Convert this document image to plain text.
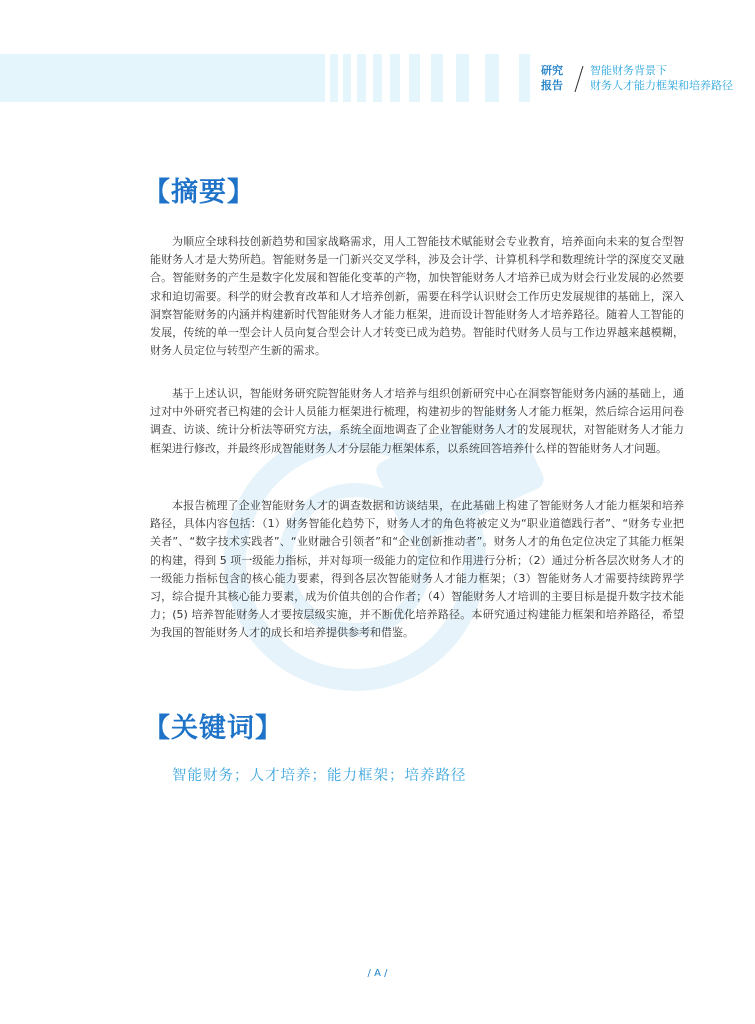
研究
报告
智能财务背景下
财务人才能力框架和培养路径
【摘要】

为顺应全球科技创新趋势和国家战略需求，用人工智能技术赋能财会专业教育，培养面向未来的复合型智能财务人才是大势所趋。智能财务是一门新兴交叉学科，涉及会计学、计算机科学和数理统计学的深度交叉融合。智能财务的产生是数字化发展和智能化变革的产物，加快智能财务人才培养已成为财会行业发展的必然要求和迫切需要。科学的财会教育改革和人才培养创新，需要在科学认识财会工作历史发展规律的基础上，深入洞察智能财务的内涵并构建新时代智能财务人才能力框架，进而设计智能财务人才培养路径。随着人工智能的发展，传统的单一型会计人员向复合型会计人才转变已成为趋势。智能时代财务人员与工作边界越来越模糊，财务人员定位与转型产生新的需求。

基于上述认识，智能财务研究院智能财务人才培养与组织创新研究中心在洞察智能财务内涵的基础上，通过对中外研究者已构建的会计人员能力框架进行梳理，构建初步的智能财务人才能力框架，然后综合运用问卷调查、访谈、统计分析法等研究方法，系统全面地调查了企业智能财务人才的发展现状，对智能财务人才能力框架进行修改，并最终形成智能财务人才分层能力框架体系，以系统回答培养什么样的智能财务人才问题。

本报告梳理了企业智能财务人才的调查数据和访谈结果，在此基础上构建了智能财务人才能力框架和培养路径，具体内容包括：（1）财务智能化趋势下，财务人才的角色将被定义为“职业道德践行者”、“财务专业把关者”、“数字技术实践者”、“业财融合引领者”和“企业创新推动者”。财务人才的角色定位决定了其能力框架的构建，得到 5 项一级能力指标，并对每项一级能力的定位和作用进行分析；（2）通过分析各层次财务人才的一级能力指标包含的核心能力要素，得到各层次智能财务人才能力框架；（3）智能财务人才需要持续跨界学习，综合提升其核心能力要素，成为价值共创的合作者；（4）智能财务人才培训的主要目标是提升数字技术能力；(5) 培养智能财务人才要按层级实施，并不断优化培养路径。本研究通过构建能力框架和培养路径，希望为我国的智能财务人才的成长和培养提供参考和借鉴。

【关键词】
智能财务；人才培养；能力框架；培养路径
/ A /
